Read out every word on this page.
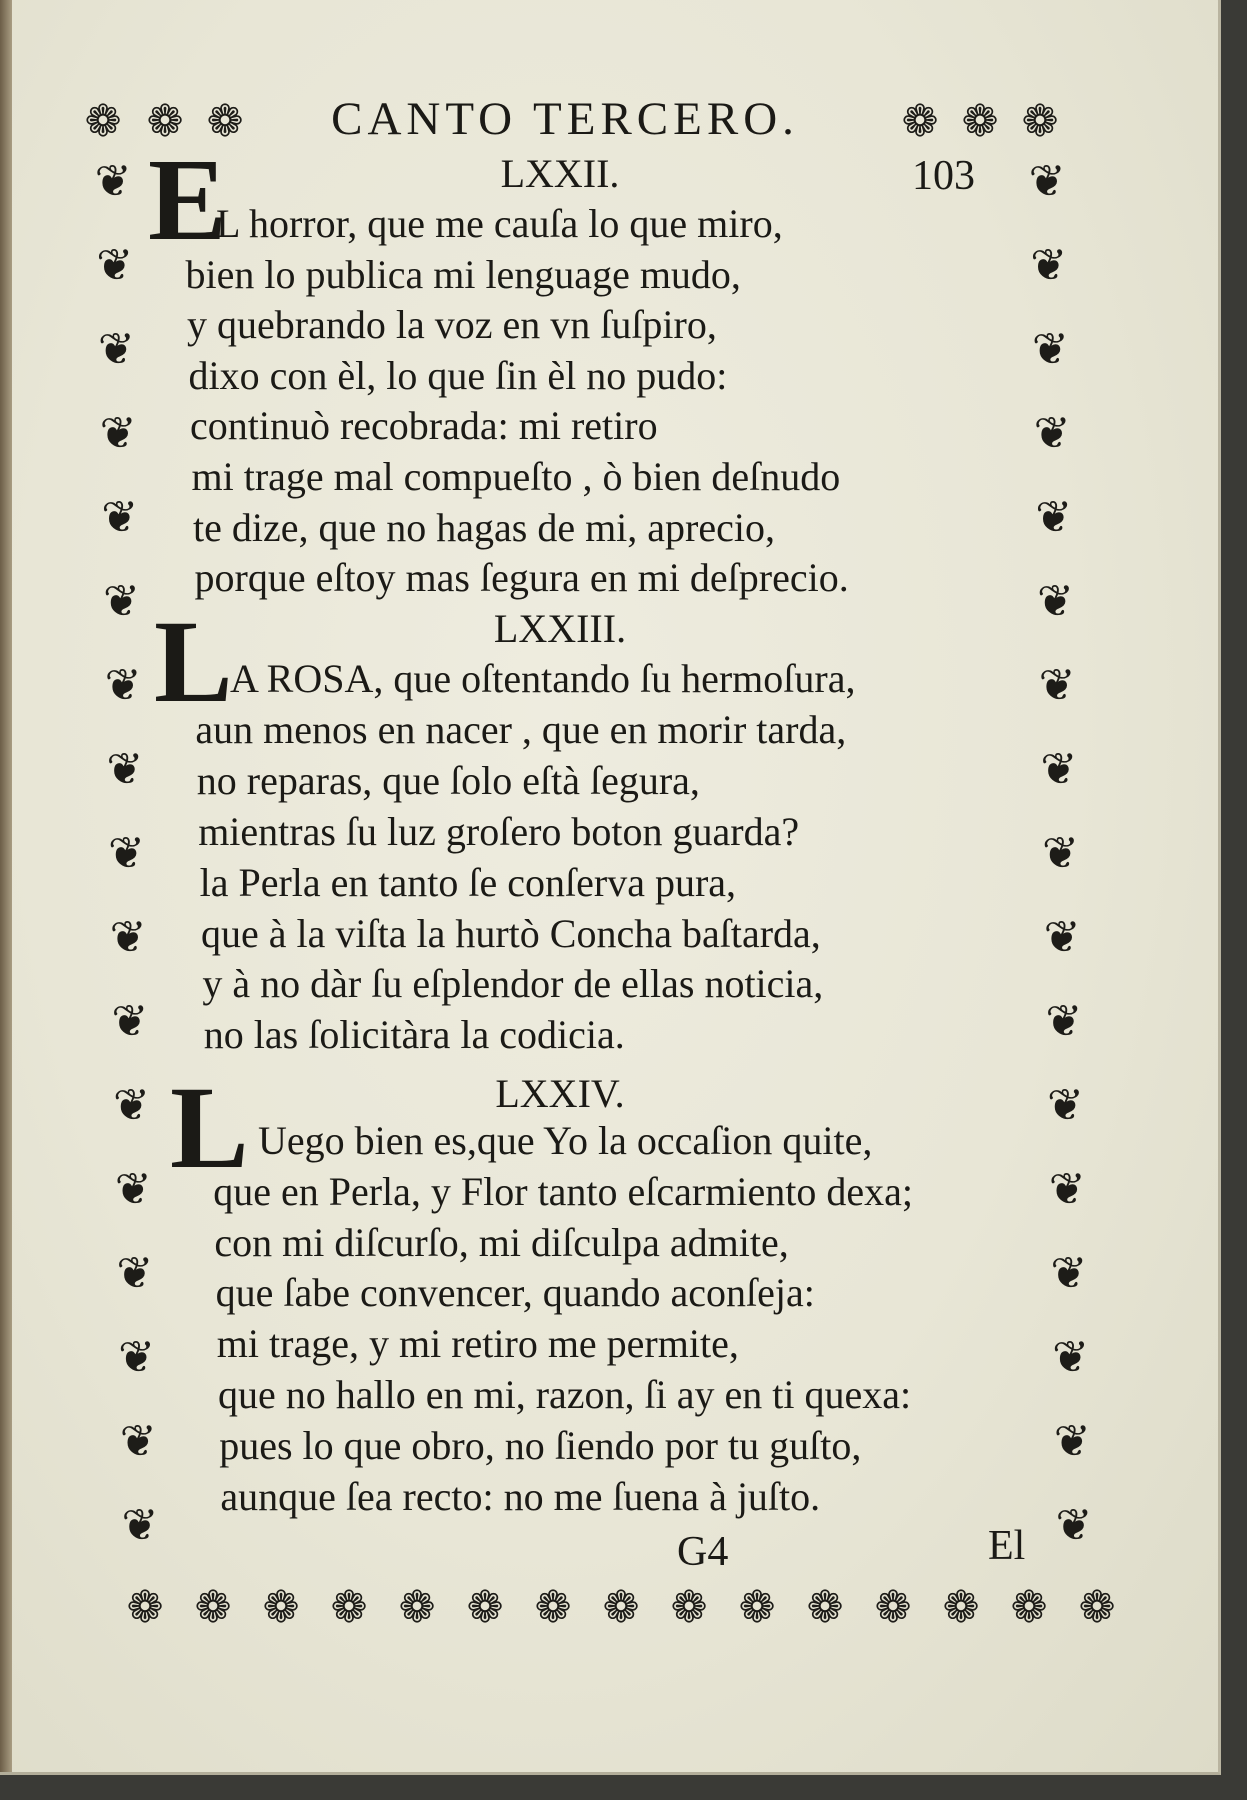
❁ ❁ ❁	❁ ❁ ❁
❦
❦
❦
❦
❦
❦
❦
❦
❦
❦
❦
❦
❦
❦
❦
❦
❦
❦
❦
❦
❦
❦
❦
❦
❦
❦
❦
❦
❦
❦
❦
❦
❦
❦
❁ ❁ ❁ ❁ ❁ ❁ ❁ ❁ ❁ ❁ ❁ ❁ ❁ ❁ ❁
CANTO TERCERO.
103
LXXII.
E
L horror, que me cauſa lo que miro,
bien lo publica mi lenguage mudo,
y quebrando la voz en vn ſuſpiro,
dixo con èl, lo que ſin èl no pudo:
continuò recobrada: mi retiro
mi trage mal compueſto , ò bien deſnudo
te dize, que no hagas de mi, aprecio,
porque eſtoy mas ſegura en mi deſprecio.
LXXIII.
L
A ROSA, que oſtentando ſu hermoſura,
aun menos en nacer , que en morir tarda,
no reparas, que ſolo eſtà ſegura,
mientras ſu luz groſero boton guarda?
la Perla en tanto ſe conſerva pura,
que à la viſta la hurtò Concha baſtarda,
y à no dàr ſu eſplendor de ellas noticia,
no las ſolicitàra la codicia.
LXXIV.
L Uego bien es,que Yo la occaſion quite,
que en Perla, y Flor tanto eſcarmiento dexa;
con mi diſcurſo, mi diſculpa admite,
que ſabe convencer, quando aconſeja:
mi trage, y mi retiro me permite,
que no hallo en mi, razon, ſi ay en ti quexa:
pues lo que obro, no ſiendo por tu guſto,
aunque ſea recto: no me ſuena à juſto.
G4	El
